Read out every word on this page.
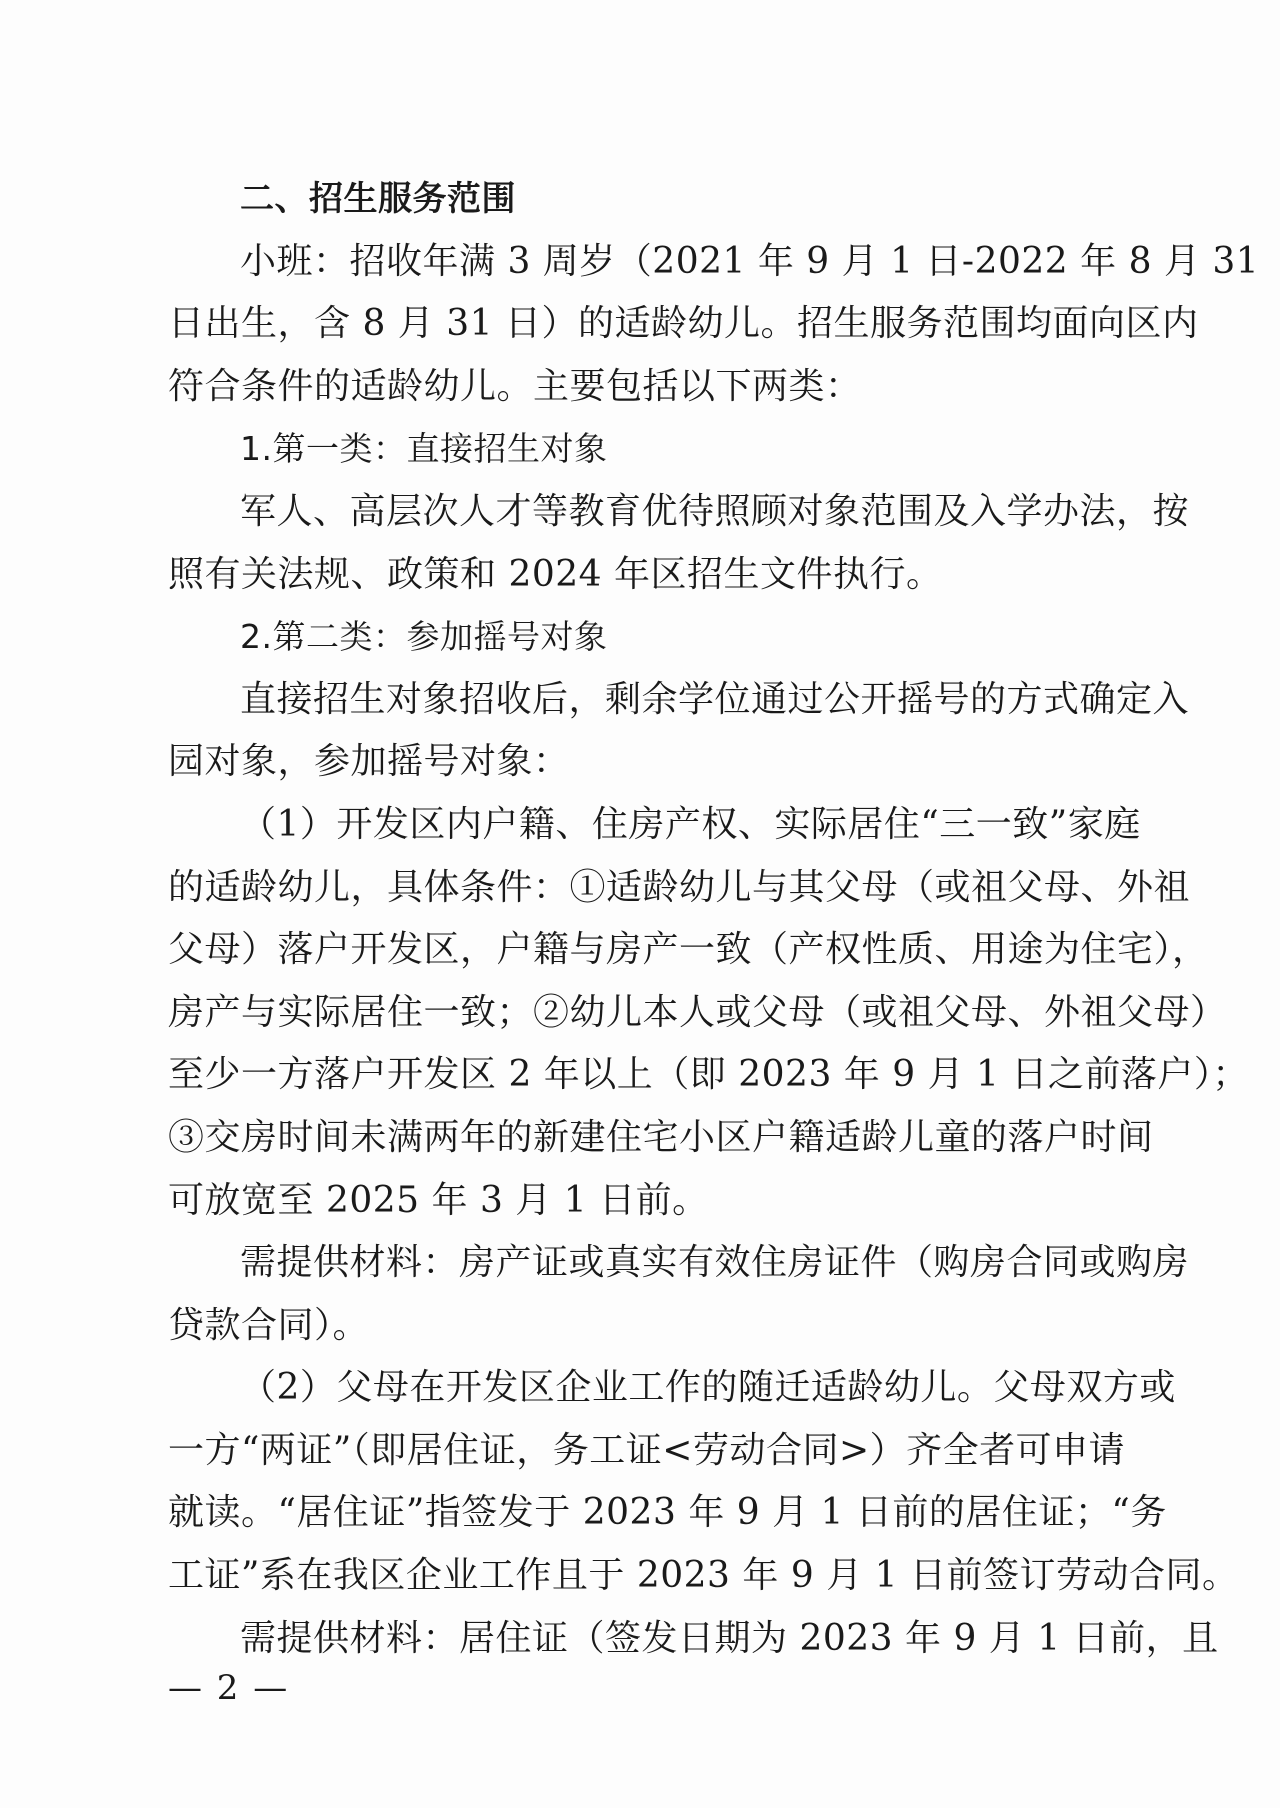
二、招生服务范围
小班：招收年满 3 周岁（2021 年 9 月 1 日-2022 年 8 月 31
日出生，含 8 月 31 日）的适龄幼儿。招生服务范围均面向区内
符合条件的适龄幼儿。主要包括以下两类：
1.第一类：直接招生对象
军人、高层次人才等教育优待照顾对象范围及入学办法，按
照有关法规、政策和 2024 年区招生文件执行。
2.第二类：参加摇号对象
直接招生对象招收后，剩余学位通过公开摇号的方式确定入
园对象，参加摇号对象：
（1）开发区内户籍、住房产权、实际居住“三一致”家庭
的适龄幼儿，具体条件：①适龄幼儿与其父母（或祖父母、外祖
父母）落户开发区，户籍与房产一致（产权性质、用途为住宅），
房产与实际居住一致；②幼儿本人或父母（或祖父母、外祖父母）
至少一方落户开发区 2 年以上（即 2023 年 9 月 1 日之前落户）；
③交房时间未满两年的新建住宅小区户籍适龄儿童的落户时间
可放宽至 2025 年 3 月 1 日前。
需提供材料：房产证或真实有效住房证件（购房合同或购房
贷款合同）。
（2）父母在开发区企业工作的随迁适龄幼儿。父母双方或
一方“两证”（即居住证，务工证<劳动合同>）齐全者可申请
就读。“居住证”指签发于 2023 年 9 月 1 日前的居住证；“务
工证”系在我区企业工作且于 2023 年 9 月 1 日前签订劳动合同。
需提供材料：居住证（签发日期为 2023 年 9 月 1 日前，且
— 2 —
